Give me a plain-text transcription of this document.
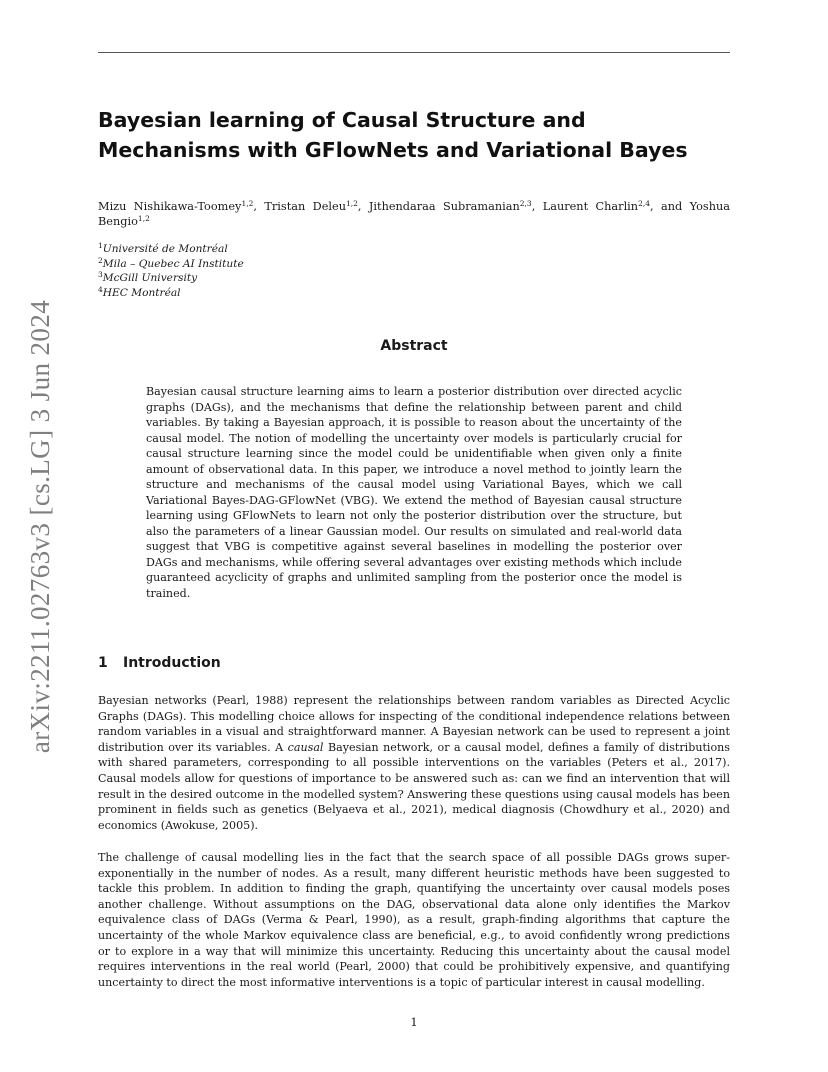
arXiv:2211.02763v3 [cs.LG] 3 Jun 2024
Bayesian learning of Causal Structure and Mechanisms with GFlowNets and Variational Bayes
Mizu Nishikawa-Toomey$^{1,2}$, Tristan Deleu$^{1,2}$, Jithendaraa Subramanian$^{2,3}$, Laurent Charlin$^{2,4}$, and Yoshua Bengio$^{1,2}$
$^1$Université de Montréal
$^2$Mila – Quebec AI Institute
$^3$McGill University
$^4$HEC Montréal
Abstract

Bayesian causal structure learning aims to learn a posterior distribution over directed acyclic graphs (DAGs), and the mechanisms that define the relationship between parent and child variables. By taking a Bayesian approach, it is possible to reason about the uncertainty of the causal model. The notion of modelling the uncertainty over models is particularly crucial for causal structure learning since the model could be unidentifiable when given only a finite amount of observational data. In this paper, we introduce a novel method to jointly learn the structure and mechanisms of the causal model using Variational Bayes, which we call Variational Bayes-DAG-GFlowNet (VBG). We extend the method of Bayesian causal structure learning using GFlowNets to learn not only the posterior distribution over the structure, but also the parameters of a linear Gaussian model. Our results on simulated and real-world data suggest that VBG is competitive against several baselines in modelling the posterior over DAGs and mechanisms, while offering several advantages over existing methods which include guaranteed acyclicity of graphs and unlimited sampling from the posterior once the model is trained.

1 Introduction

Bayesian networks (Pearl, 1988) represent the relationships between random variables as Directed Acyclic Graphs (DAGs). This modelling choice allows for inspecting of the conditional independence relations between random variables in a visual and straightforward manner. A Bayesian network can be used to represent a joint distribution over its variables. A causal Bayesian network, or a causal model, defines a family of distributions with shared parameters, corresponding to all possible interventions on the variables (Peters et al., 2017). Causal models allow for questions of importance to be answered such as: can we find an intervention that will result in the desired outcome in the modelled system? Answering these questions using causal models has been prominent in fields such as genetics (Belyaeva et al., 2021), medical diagnosis (Chowdhury et al., 2020) and economics (Awokuse, 2005).

The challenge of causal modelling lies in the fact that the search space of all possible DAGs grows super-exponentially in the number of nodes. As a result, many different heuristic methods have been suggested to tackle this problem. In addition to finding the graph, quantifying the uncertainty over causal models poses another challenge. Without assumptions on the DAG, observational data alone only identifies the Markov equivalence class of DAGs (Verma & Pearl, 1990), as a result, graph-finding algorithms that capture the uncertainty of the whole Markov equivalence class are beneficial, e.g., to avoid confidently wrong predictions or to explore in a way that will minimize this uncertainty. Reducing this uncertainty about the causal model requires interventions in the real world (Pearl, 2000) that could be prohibitively expensive, and quantifying uncertainty to direct the most informative interventions is a topic of particular interest in causal modelling.

1
